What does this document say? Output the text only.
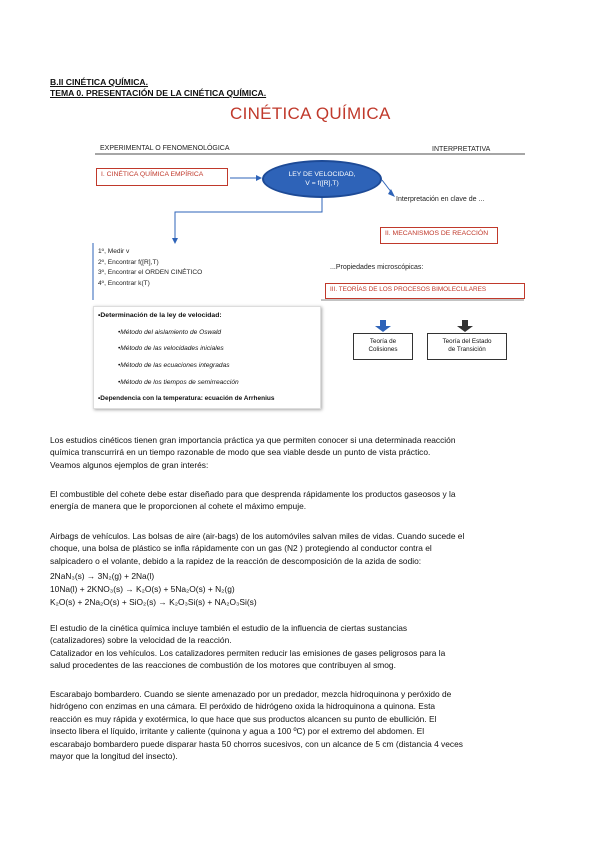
B.II CINÉTICA QUÍMICA.
TEMA 0. PRESENTACIÓN DE LA CINÉTICA QUÍMICA.
CINÉTICA QUÍMICA
EXPERIMENTAL O FENOMENOLÓGICA	INTERPRETATIVA
I. CINÉTICA QUÍMICA EMPÍRICA	LEY DE VELOCIDAD,
V = f([R],T)
Interpretación en clave de ...
II. MECANISMOS DE REACCIÓN
1º, Medir v
2º, Encontrar f([R],T)
3º, Encontrar el ORDEN CINÉTICO
4º, Encontrar k(T)
...Propiedades microscópicas:
III. TEORÍAS DE LOS PROCESOS BIMOLECULARES
•Determinación de la ley de velocidad:
•Método del aislamiento de Oswald
•Método de las velocidades iniciales
•Método de las ecuaciones integradas
•Método de los tiempos de semirreacción
•Dependencia con la temperatura: ecuación de Arrhenius
Teoría de
Colisiones
Teoría del Estado
de Transición
Los estudios cinéticos tienen gran importancia práctica ya que permiten conocer si una determinada reacción
química transcurrirá en un tiempo razonable de modo que sea viable desde un punto de vista práctico.
Veamos algunos ejemplos de gran interés:
El combustible del cohete debe estar diseñado para que desprenda rápidamente los productos gaseosos y la
energía de manera que le proporcionen al cohete el máximo empuje.
Airbags de vehículos. Las bolsas de aire (air-bags) de los automóviles salvan miles de vidas. Cuando sucede el
choque, una bolsa de plástico se infla rápidamente con un gas (N2 ) protegiendo al conductor contra el
salpicadero o el volante, debido a la rapidez de la reacción de descomposición de la azida de sodio:
2NaN₃(s) → 3N₂(g) + 2Na(l)
10Na(l) + 2KNO₃(s) → K₂O(s) + 5Na₂O(s) + N₂(g)
K₂O(s) + 2Na₂O(s) + SiO₂(s) → K₂O₃Si(s) + NA₂O₃Si(s)
El estudio de la cinética química incluye también el estudio de la influencia de ciertas sustancias
(catalizadores) sobre la velocidad de la reacción.
Catalizador en los vehículos. Los catalizadores permiten reducir las emisiones de gases peligrosos para la
salud procedentes de las reacciones de combustión de los motores que contribuyen al smog.
Escarabajo bombardero. Cuando se siente amenazado por un predador, mezcla hidroquinona y peróxido de
hidrógeno con enzimas en una cámara. El peróxido de hidrógeno oxida la hidroquinona a quinona. Esta
reacción es muy rápida y exotérmica, lo que hace que sus productos alcancen su punto de ebullición. El
insecto libera el líquido, irritante y caliente (quinona y agua a 100 ºC) por el extremo del abdomen. El
escarabajo bombardero puede disparar hasta 50 chorros sucesivos, con un alcance de 5 cm (distancia 4 veces
mayor que la longitud del insecto).
